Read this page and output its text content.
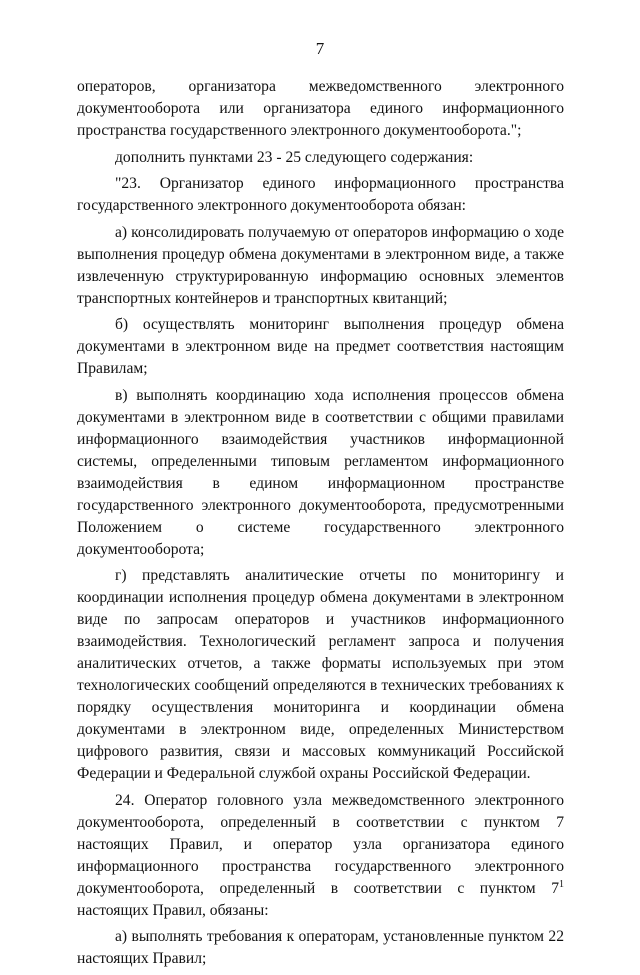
7

операторов, организатора межведомственного электронного документооборота или организатора единого информационного пространства государственного электронного документооборота.";

дополнить пунктами 23 - 25 следующего содержания:

"23. Организатор единого информационного пространства государственного электронного документооборота обязан:

а) консолидировать получаемую от операторов информацию о ходе выполнения процедур обмена документами в электронном виде, а также извлеченную структурированную информацию основных элементов транспортных контейнеров и транспортных квитанций;

б) осуществлять мониторинг выполнения процедур обмена документами в электронном виде на предмет соответствия настоящим Правилам;

в) выполнять координацию хода исполнения процессов обмена документами в электронном виде в соответствии с общими правилами информационного взаимодействия участников информационной системы, определенными типовым регламентом информационного взаимодействия в едином информационном пространстве государственного электронного документооборота, предусмотренными Положением о системе государственного электронного документооборота;

г) представлять аналитические отчеты по мониторингу и координации исполнения процедур обмена документами в электронном виде по запросам операторов и участников информационного взаимодействия. Технологический регламент запроса и получения аналитических отчетов, а также форматы используемых при этом технологических сообщений определяются в технических требованиях к порядку осуществления мониторинга и координации обмена документами в электронном виде, определенных Министерством цифрового развития, связи и массовых коммуникаций Российской Федерации и Федеральной службой охраны Российской Федерации.

24. Оператор головного узла межведомственного электронного документооборота, определенный в соответствии с пунктом 7 настоящих Правил, и оператор узла организатора единого информационного пространства государственного электронного документооборота, определенный в соответствии с пунктом $7^1$ настоящих Правил, обязаны:

а) выполнять требования к операторам, установленные пунктом 22 настоящих Правил;
